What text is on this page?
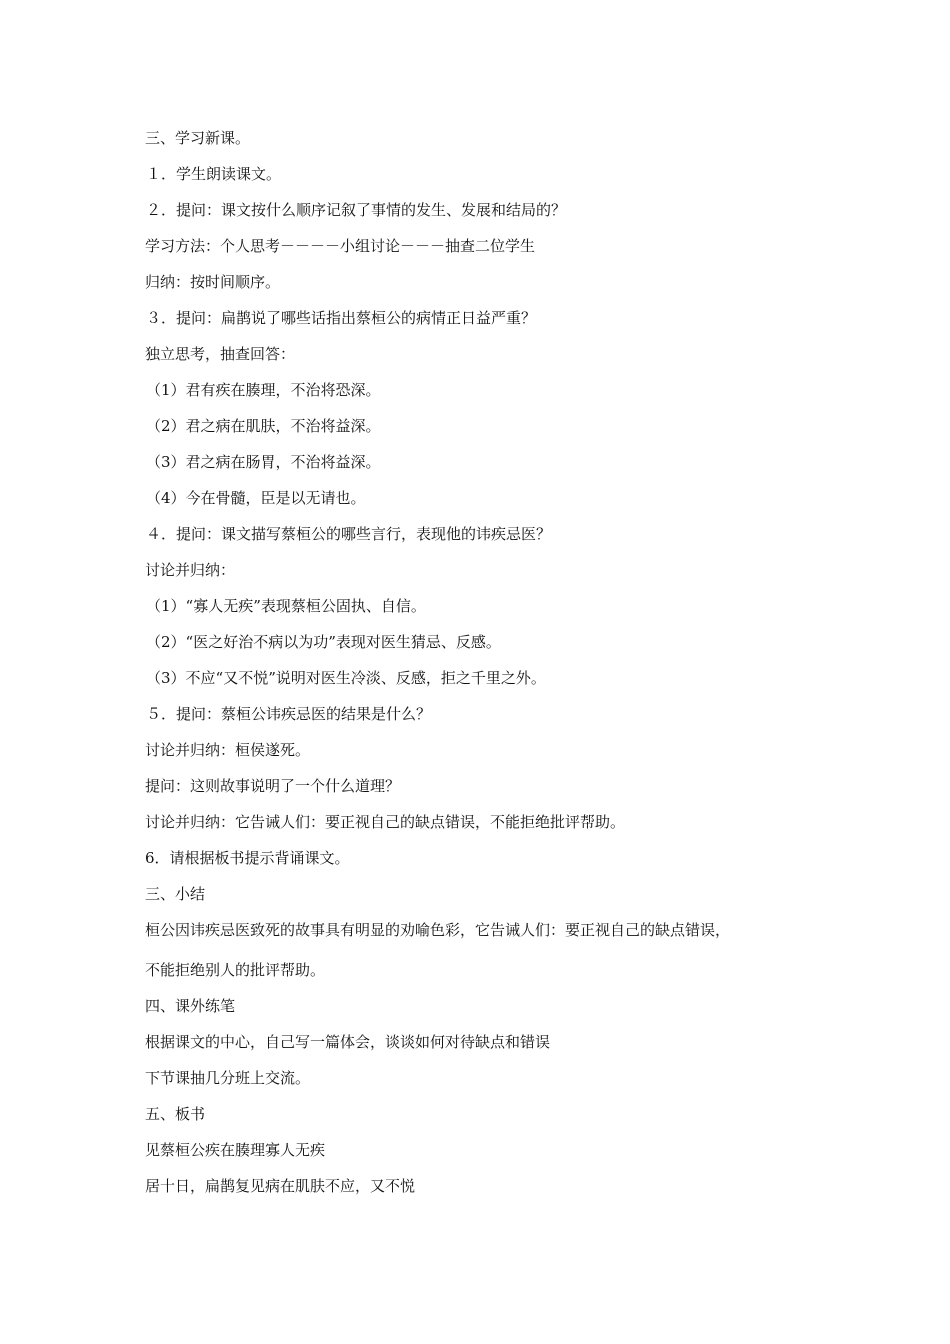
三、学习新课。
１．学生朗读课文。
２．提问：课文按什么顺序记叙了事情的发生、发展和结局的？
学习方法：个人思考－－－－小组讨论－－－抽查二位学生
归纳：按时间顺序。
３．提问：扁鹊说了哪些话指出蔡桓公的病情正日益严重？
独立思考，抽查回答：
（1）君有疾在腠理，不治将恐深。
（2）君之病在肌肤，不治将益深。
（3）君之病在肠胃，不治将益深。
（4）今在骨髓，臣是以无请也。
４．提问：课文描写蔡桓公的哪些言行，表现他的讳疾忌医？
讨论并归纳：
（1）“寡人无疾”表现蔡桓公固执、自信。
（2）“医之好治不病以为功”表现对医生猜忌、反感。
（3）不应“又不悦”说明对医生冷淡、反感，拒之千里之外。
５．提问：蔡桓公讳疾忌医的结果是什么？
讨论并归纳：桓侯遂死。
提问：这则故事说明了一个什么道理？
讨论并归纳：它告诫人们：要正视自己的缺点错误，不能拒绝批评帮助。
6．请根据板书提示背诵课文。
三、小结
桓公因讳疾忌医致死的故事具有明显的劝喻色彩，它告诫人们：要正视自己的缺点错误，
不能拒绝别人的批评帮助。
四、课外练笔
根据课文的中心，自己写一篇体会，谈谈如何对待缺点和错误
下节课抽几分班上交流。
五、板书
见蔡桓公疾在腠理寡人无疾
居十日，扁鹊复见病在肌肤不应，又不悦
